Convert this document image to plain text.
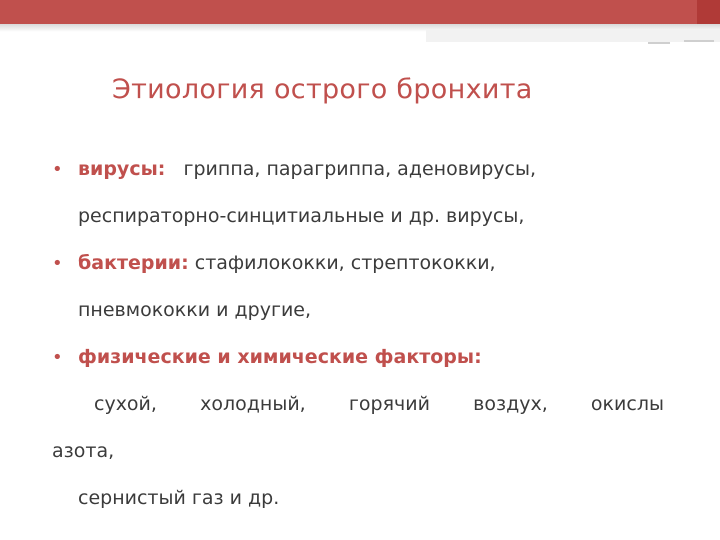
Этиология острого бронхита
• вирусы: гриппа, парагриппа, аденовирусы,
респираторно-синцитиальные и др. вирусы,
• бактерии: стафилококки, стрептококки,
пневмококки и другие,
• физические и химические факторы:
сухой, холодный, горячий воздух, окислы
азота,
сернистый газ и др.
